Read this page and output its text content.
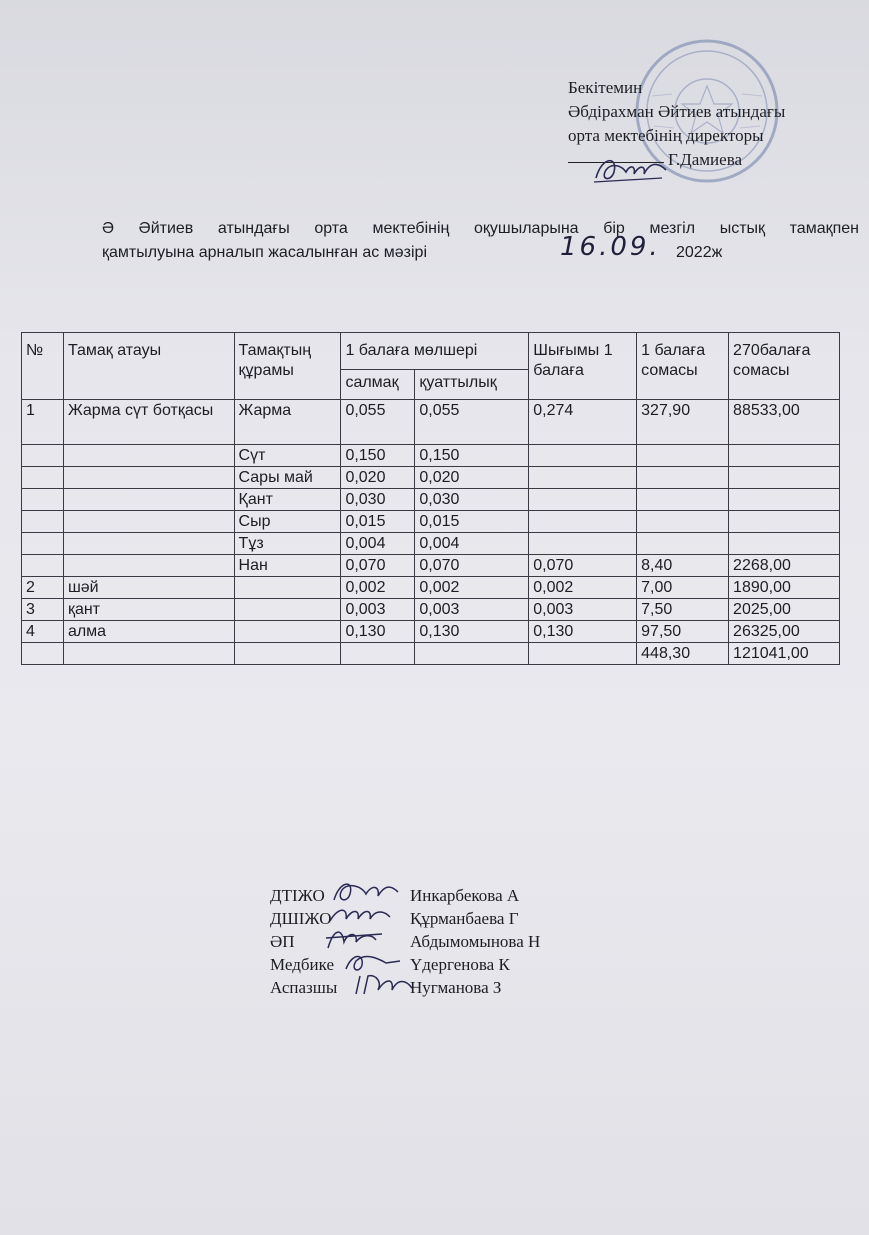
Бекітемин
Әбдірахман Әйтиев атындағы
орта мектебінің директоры
Г.Дамиева
Ә Әйтиев атындағы орта мектебінің оқушыларына бір мезгіл ыстық тамақпен
қамтылуына арналып жасалынған ас мәзірі	16.09. 2022ж
№	Тамақ атауы	Тамақтың құрамы	1 балаға мөлшері		Шығымы 1 балаға	1 балаға сомасы	270балаға сомасы
			салмақ	қуаттылық			
1	Жарма сүт ботқасы	Жарма	0,055	0,055	0,274	327,90	88533,00
		Сүт	0,150	0,150			
		Сары май	0,020	0,020			
		Қант	0,030	0,030			
		Сыр	0,015	0,015			
		Тұз	0,004	0,004			
		Нан	0,070	0,070	0,070	8,40	2268,00
2	шәй		0,002	0,002	0,002	7,00	1890,00
3	қант		0,003	0,003	0,003	7,50	2025,00
4	алма		0,130	0,130	0,130	97,50	26325,00
						448,30	121041,00
ДТІЖО	Инкарбекова А
ДШІЖО	Құрманбаева Г
ӘП	Абдымомынова Н
Медбике	Үдергенова К
Аспазшы	Нугманова З
